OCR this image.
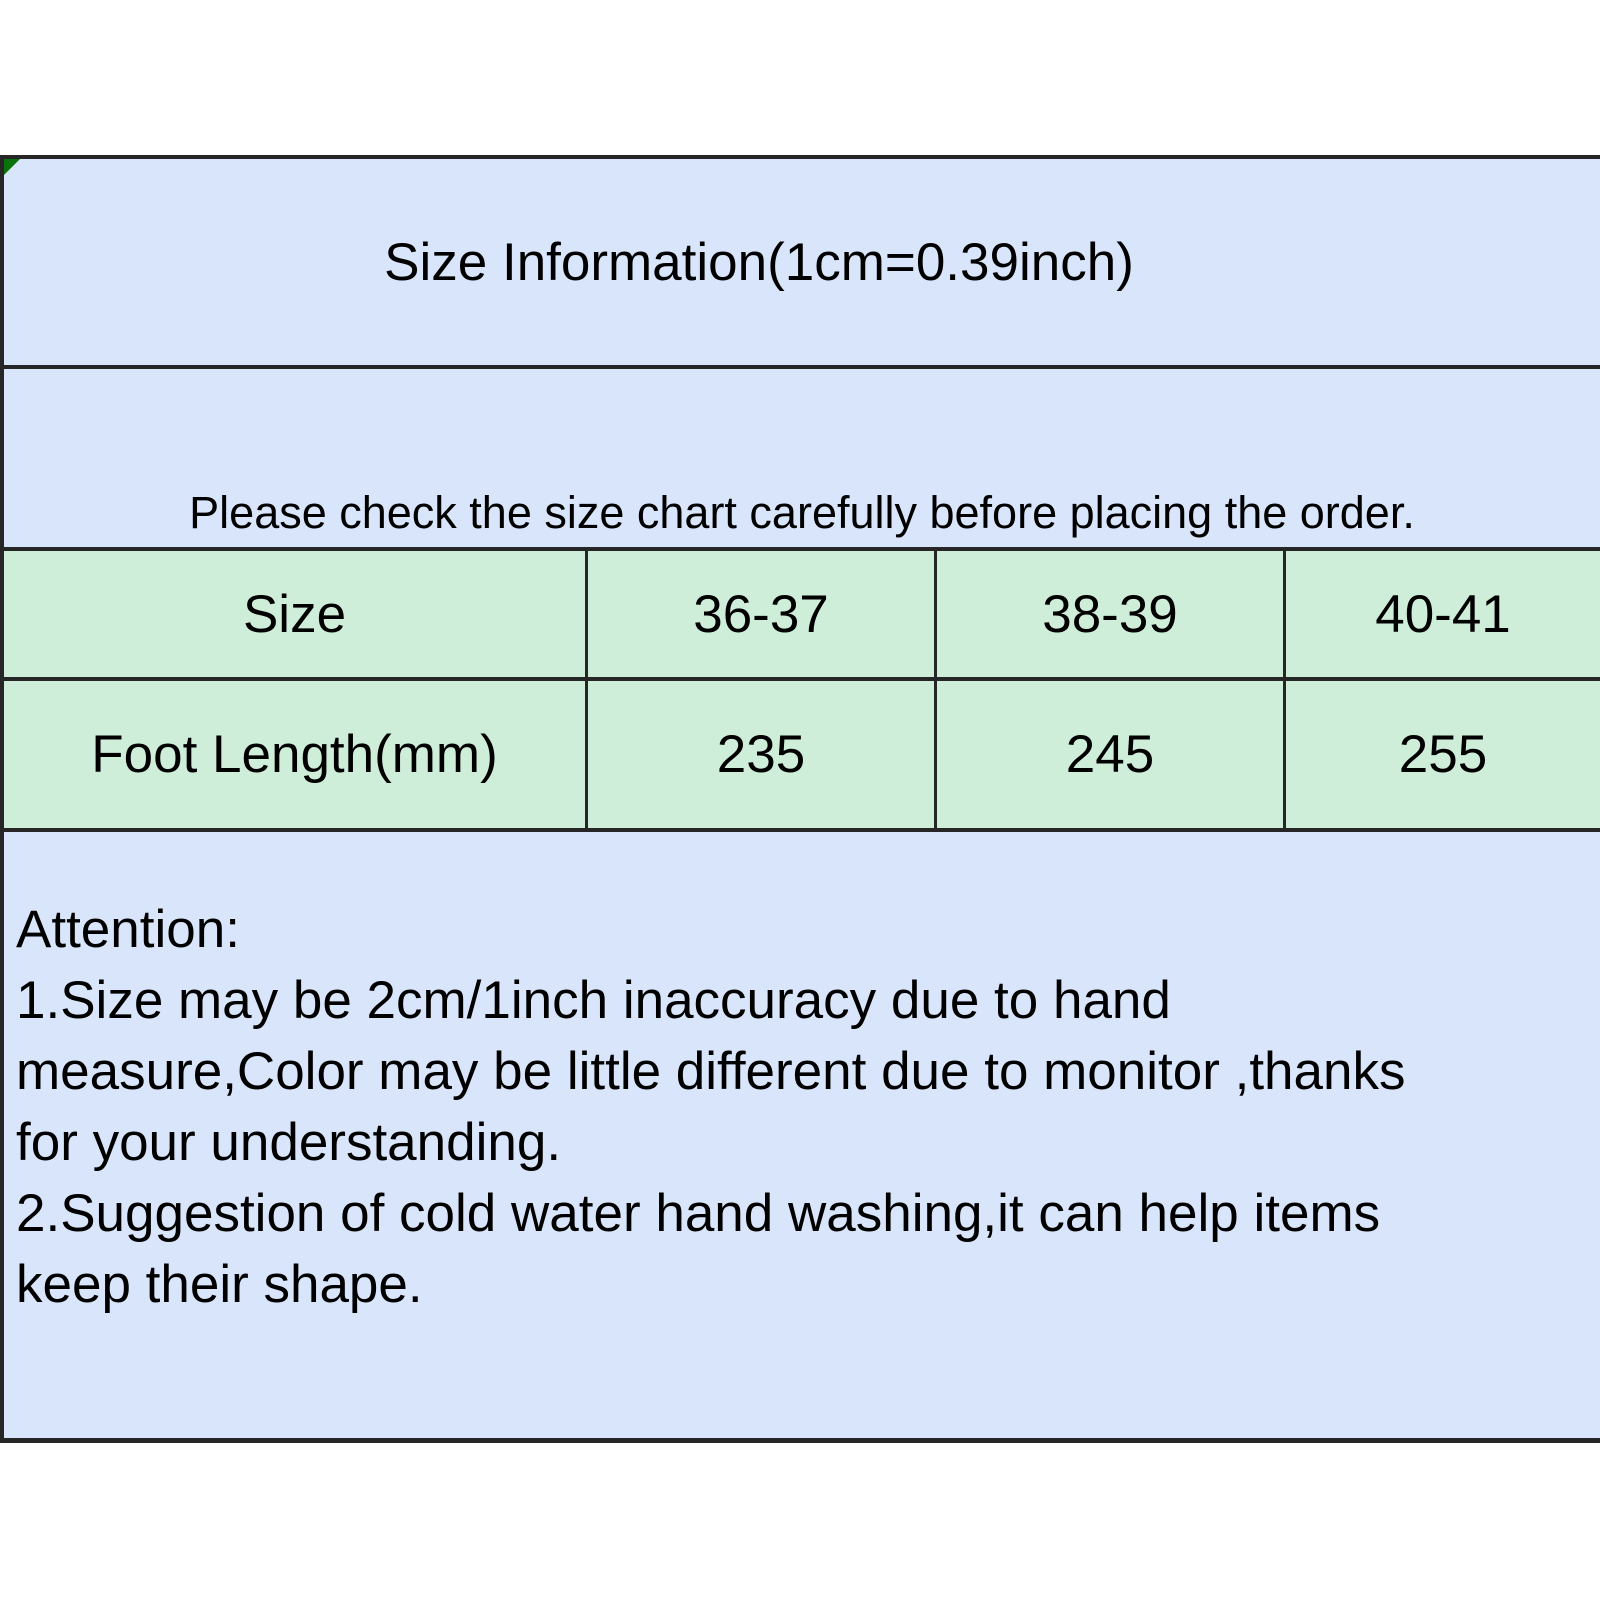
Size Information(1cm=0.39inch)
Please check the size chart carefully before placing the order.
Size	36-37	38-39	40-41
Foot Length(mm)	235	245	255
Attention:
1.Size may be 2cm/1inch inaccuracy due to hand
measure,Color may be little different due to monitor ,thanks
for your understanding.
2.Suggestion of cold water hand washing,it can help items
keep their shape.
